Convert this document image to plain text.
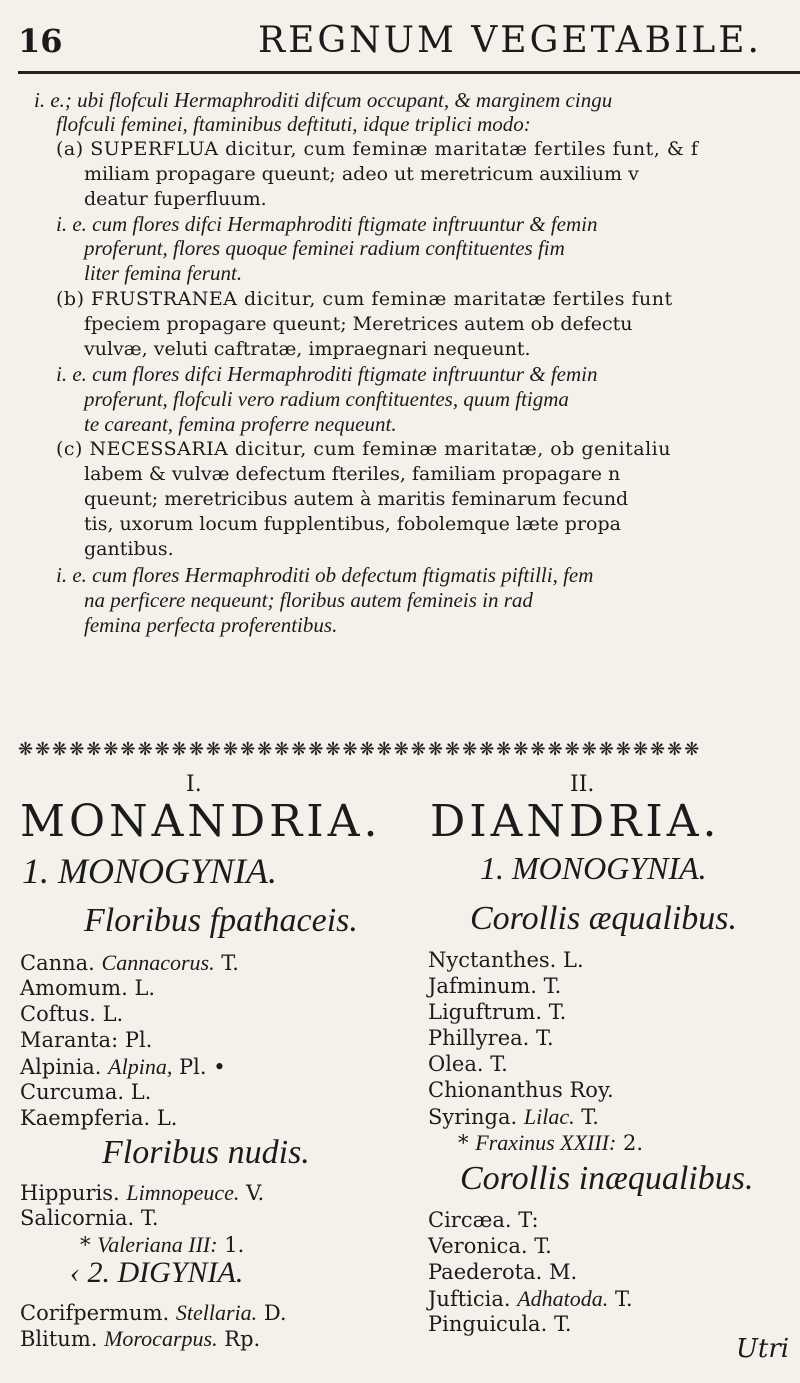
16	REGNUM VEGETABILE.
i. e.; ubi flofculi Hermaphroditi difcum occupant, & marginem cingu
flofculi feminei, ftaminibus deftituti, idque triplici modo:
(a) SUPERFLUA dicitur, cum feminæ maritatæ fertiles funt, & f
miliam propagare queunt; adeo ut meretricum auxilium v
deatur fuperfluum.
i. e. cum flores difci Hermaphroditi ftigmate inftruuntur & femin
proferunt, flores quoque feminei radium conftituentes fim
liter femina ferunt.
(b) FRUSTRANEA dicitur, cum feminæ maritatæ fertiles funt
fpeciem propagare queunt; Meretrices autem ob defectu
vulvæ, veluti caftratæ, impraegnari nequeunt.
i. e. cum flores difci Hermaphroditi ftigmate inftruuntur & femin
proferunt, flofculi vero radium conftituentes, quum ftigma
te careant, femina proferre nequeunt.
(c) NECESSARIA dicitur, cum feminæ maritatæ, ob genitaliu
labem & vulvæ defectum fteriles, familiam propagare n
queunt; meretricibus autem à maritis feminarum fecund
tis, uxorum locum fupplentibus, fobolemque læte propa
gantibus.
i. e. cum flores Hermaphroditi ob defectum ftigmatis piftilli, fem
na perficere nequeunt; floribus autem femineis in rad
femina perfecta proferentibus.
❋❋❋❋❋❋❋❋❋❋❋❋❋❋❋❋❋❋❋❋❋❋❋❋❋❋❋❋❋❋❋❋❋❋❋❋❋❋❋❋
I.
MONANDRIA.
1. MONOGYNIA.
Floribus fpathaceis.
Canna. Cannacorus. T.
Amomum. L.
Coftus. L.
Maranta: Pl.
Alpinia. Alpina, Pl. •
Curcuma. L.
Kaempferia. L.
Floribus nudis.
Hippuris. Limnopeuce. V.
Salicornia. T.
* Valeriana III: 1.
‹ 2. DIGYNIA.
Corifpermum. Stellaria. D.
Blitum. Morocarpus. Rp.
II.
DIANDRIA.
1. MONOGYNIA.
Corollis æqualibus.
Nyctanthes. L.
Jafminum. T.
Liguftrum. T.
Phillyrea. T.
Olea. T.
Chionanthus Roy.
Syringa. Lilac. T.
* Fraxinus XXIII: 2.
Corollis inæqualibus.
Circæa. T:
Veronica. T.
Paederota. M.
Jufticia. Adhatoda. T.
Pinguicula. T.
Utri
